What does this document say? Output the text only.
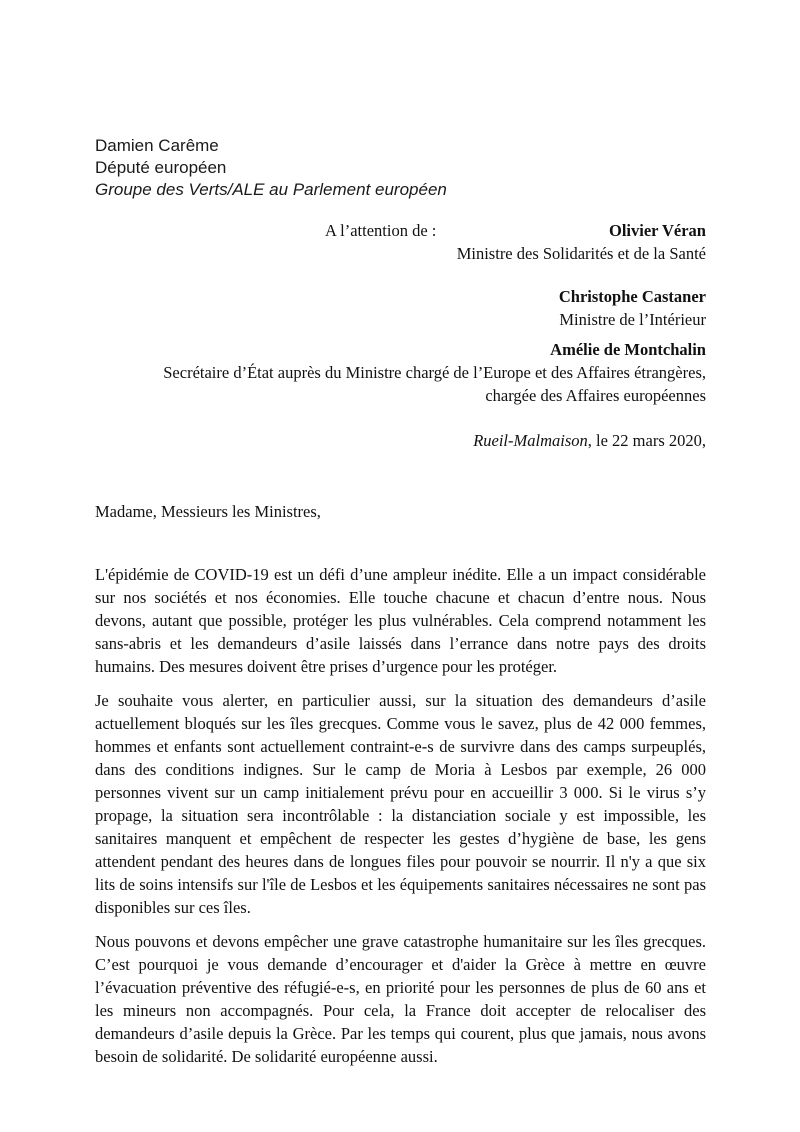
Damien Carême
Député européen
Groupe des Verts/ALE au Parlement européen
A l’attention de :	Olivier Véran
Ministre des Solidarités et de la Santé
Christophe Castaner
Ministre de l’Intérieur
Amélie de Montchalin
Secrétaire d’État auprès du Ministre chargé de l’Europe et des Affaires étrangères,
chargée des Affaires européennes
Rueil-Malmaison, le 22 mars 2020,
Madame, Messieurs les Ministres,

L'épidémie de COVID-19 est un défi d’une ampleur inédite. Elle a un impact considérable sur nos sociétés et nos économies. Elle touche chacune et chacun d’entre nous. Nous devons, autant que possible, protéger les plus vulnérables. Cela comprend notamment les sans-abris et les demandeurs d’asile laissés dans l’errance dans notre pays des droits humains. Des mesures doivent être prises d’urgence pour les protéger.

Je souhaite vous alerter, en particulier aussi, sur la situation des demandeurs d’asile actuellement bloqués sur les îles grecques. Comme vous le savez, plus de 42 000 femmes, hommes et enfants sont actuellement contraint-e-s de survivre dans des camps surpeuplés, dans des conditions indignes. Sur le camp de Moria à Lesbos par exemple, 26 000 personnes vivent sur un camp initialement prévu pour en accueillir 3 000. Si le virus s’y propage, la situation sera incontrôlable : la distanciation sociale y est impossible, les sanitaires manquent et empêchent de respecter les gestes d’hygiène de base, les gens attendent pendant des heures dans de longues files pour pouvoir se nourrir. Il n'y a que six lits de soins intensifs sur l'île de Lesbos et les équipements sanitaires nécessaires ne sont pas disponibles sur ces îles.

Nous pouvons et devons empêcher une grave catastrophe humanitaire sur les îles grecques. C’est pourquoi je vous demande d’encourager et d'aider la Grèce à mettre en œuvre l’évacuation préventive des réfugié-e-s, en priorité pour les personnes de plus de 60 ans et les mineurs non accompagnés. Pour cela, la France doit accepter de relocaliser des demandeurs d’asile depuis la Grèce. Par les temps qui courent, plus que jamais, nous avons besoin de solidarité. De solidarité européenne aussi.
